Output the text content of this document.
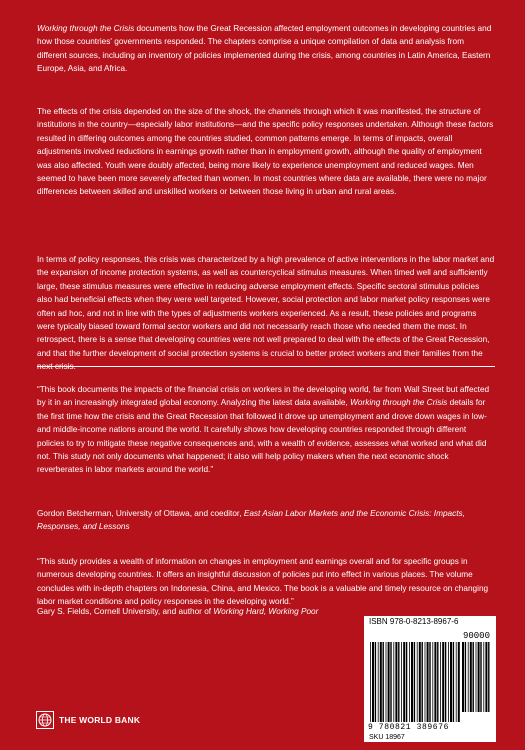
Working through the Crisis documents how the Great Recession affected employment outcomes in developing countries and how those countries' governments responded. The chapters comprise a unique compilation of data and analysis from different sources, including an inventory of policies implemented during the crisis, among countries in Latin America, Eastern Europe, Asia, and Africa.

The effects of the crisis depended on the size of the shock, the channels through which it was manifested, the structure of institutions in the country—especially labor institutions—and the specific policy responses undertaken. Although these factors resulted in differing outcomes among the countries studied, common patterns emerge. In terms of impacts, overall adjustments involved reductions in earnings growth rather than in employment growth, although the quality of employment was also affected. Youth were doubly affected, being more likely to experience unemployment and reduced wages. Men seemed to have been more severely affected than women. In most countries where data are available, there were no major differences between skilled and unskilled workers or between those living in urban and rural areas.

In terms of policy responses, this crisis was characterized by a high prevalence of active interventions in the labor market and the expansion of income protection systems, as well as countercyclical stimulus measures. When timed well and sufficiently large, these stimulus measures were effective in reducing adverse employment effects. Specific sectoral stimulus policies also had beneficial effects when they were well targeted. However, social protection and labor market policy responses were often ad hoc, and not in line with the types of adjustments workers experienced. As a result, these policies and programs were typically biased toward formal sector workers and did not necessarily reach those who needed them the most. In retrospect, there is a sense that developing countries were not well prepared to deal with the effects of the Great Recession, and that the further development of social protection systems is crucial to better protect workers and their families from the

“This book documents the impacts of the financial crisis on workers in the developing world, far from Wall Street but affected by it in an increasingly integrated global economy. Analyzing the latest data available, Working through the Crisis details for the first time how the crisis and the Great Recession that followed it drove up unemployment and drove down wages in low- and middle-income nations around the world. It carefully shows how developing countries responded through different policies to try to mitigate these negative consequences and, with a wealth of evidence, assesses what worked and what did not. This study not only documents what happened; it also will help policy makers when the next economic shock reverberates in labor markets around the world.”

Gordon Betcherman, University of Ottawa, and coeditor, East Asian Labor Markets and the Economic Crisis: Impacts, Responses, and Lessons

“This study provides a wealth of information on changes in employment and earnings overall and for specific groups in numerous developing countries. It offers an insightful discussion of policies put into effect in various places. The volume concludes with in-depth chapters on Indonesia, China, and Mexico. The book is a valuable and timely resource on changing labor market conditions and policy responses in the developing world.”

Gary S. Fields, Cornell University, and author of Working Hard, Working Poor

ISBN 978-0-8213-8967-6
90000
9 780821 389676
SKU 18967
THE WORLD BANK
